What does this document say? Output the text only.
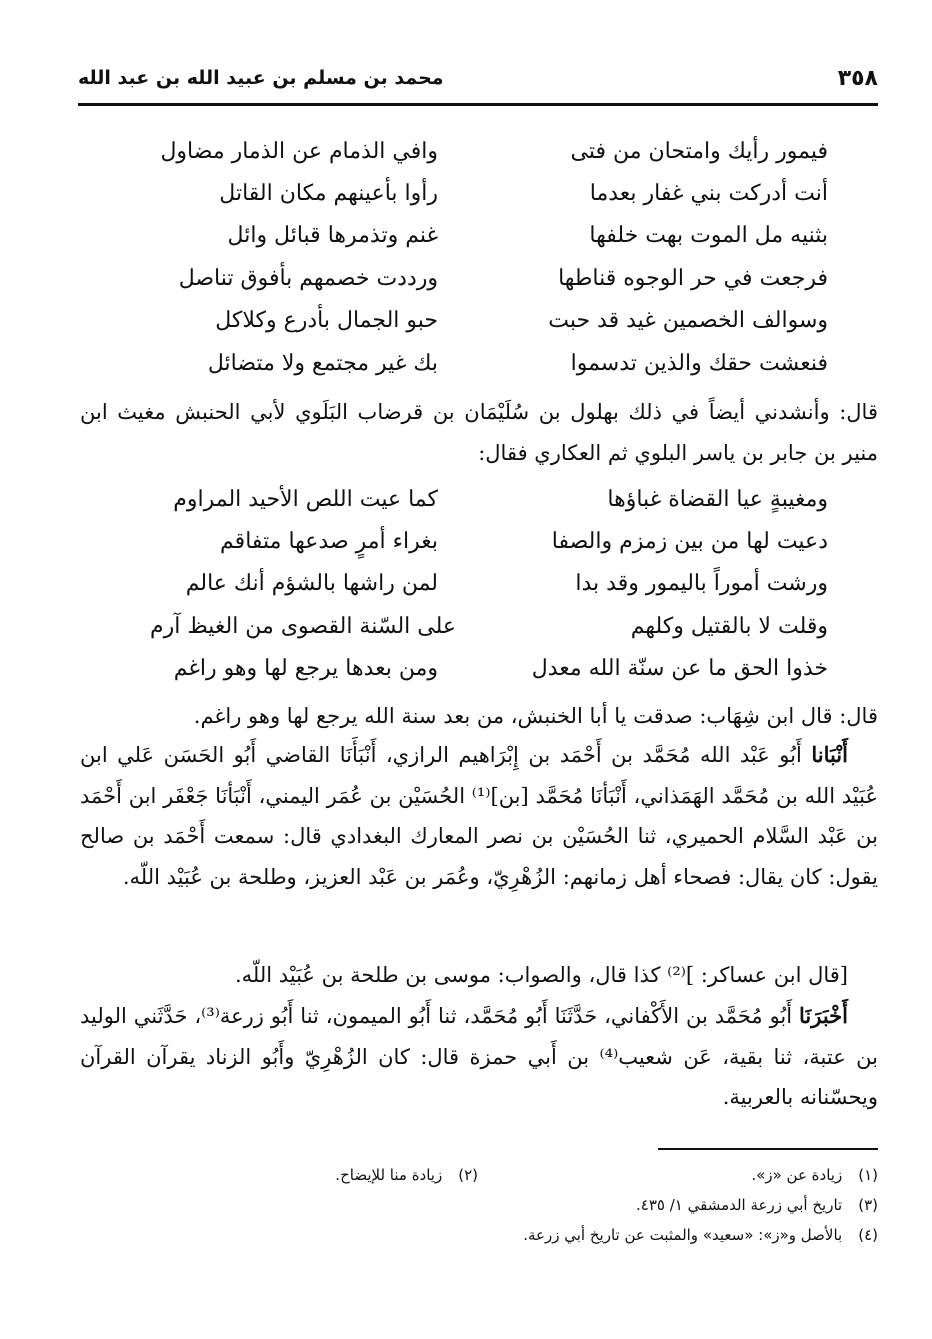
٣٥٨
محمد بن مسلم بن عبيد الله بن عبد الله
فيمور رأيك وامتحان من فتى
وافي الذمام عن الذمار مضاول
أنت أدركت بني غفار بعدما
رأوا بأعينهم مكان القاتل
بثنيه مل الموت بهت خلفها
غنم وتذمرها قبائل وائل
فرجعت في حر الوجوه قناطها
ورددت خصمهم بأفوق تناصل
وسوالف الخصمين غيد قد حبت
حبو الجمال بأدرع وكلاكل
فنعشت حقك والذين تدسموا
بك غير مجتمع ولا متضائل

قال: وأنشدني أيضاً في ذلك بهلول بن سُلَيْمَان بن قرضاب البَلَوي لأبي الحنبش مغيث ابن منير بن جابر بن ياسر البلوي ثم العكاري فقال:

ومغيبةٍ عيا القضاة غباؤها
كما عيت اللص الأحيد المراوم
دعيت لها من بين زمزم والصفا
بغراء أمرٍ صدعها متفاقم
ورشت أموراً باليمور وقد بدا
لمن راشها بالشؤم أنك عالم
وقلت لا بالقتيل وكلهم
على السّنة القصوى من الغيظ آرم
خذوا الحق ما عن سنّة الله معدل
ومن بعدها يرجع لها وهو راغم

قال: قال ابن شِهَاب: صدقت يا أبا الخنبش، من بعد سنة الله يرجع لها وهو راغم.

أَنْبَانا أَبُو عَبْد الله مُحَمَّد بن أَحْمَد بن إِبْرَاهيم الرازي، أَنْبَأَنَا القاضي أَبُو الحَسَن عَلي ابن عُبَيْد الله بن مُحَمَّد الهَمَذاني، أَنْبَأنَا مُحَمَّد [بن]⁽¹⁾ الحُسَيْن بن عُمَر اليمني، أَنْبَأنَا جَعْفَر ابن أَحْمَد بن عَبْد السَّلام الحميري، ثنا الحُسَيْن بن نصر المعارك البغدادي قال: سمعت أَحْمَد بن صالح يقول: كان يقال: فصحاء أهل زمانهم: الزُهْرِيّ، وعُمَر بن عَبْد العزيز، وطلحة بن عُبَيْد اللّه.

[قال ابن عساكر: ]⁽²⁾ كذا قال، والصواب: موسى بن طلحة بن عُبَيْد اللّه.

أَخْبَرَنَا أَبُو مُحَمَّد بن الأَكْفاني، حَدَّثَنَا أَبُو مُحَمَّد، ثنا أَبُو الميمون، ثنا أَبُو زرعة⁽³⁾، حَدَّثَني الوليد بن عتبة، ثنا بقية، عَن شعيب⁽⁴⁾ بن أَبي حمزة قال: كان الزُهْرِيّ وأَبُو الزناد يقرآن القرآن ويحسّنانه بالعربية.

(١)زيادة عن «ز».
(٢)زيادة منا للإيضاح.
(٣)تاريخ أبي زرعة الدمشقي ١/ ٤٣٥.
(٤)بالأصل و«ز»: «سعيد» والمثبت عن تاريخ أبي زرعة.
